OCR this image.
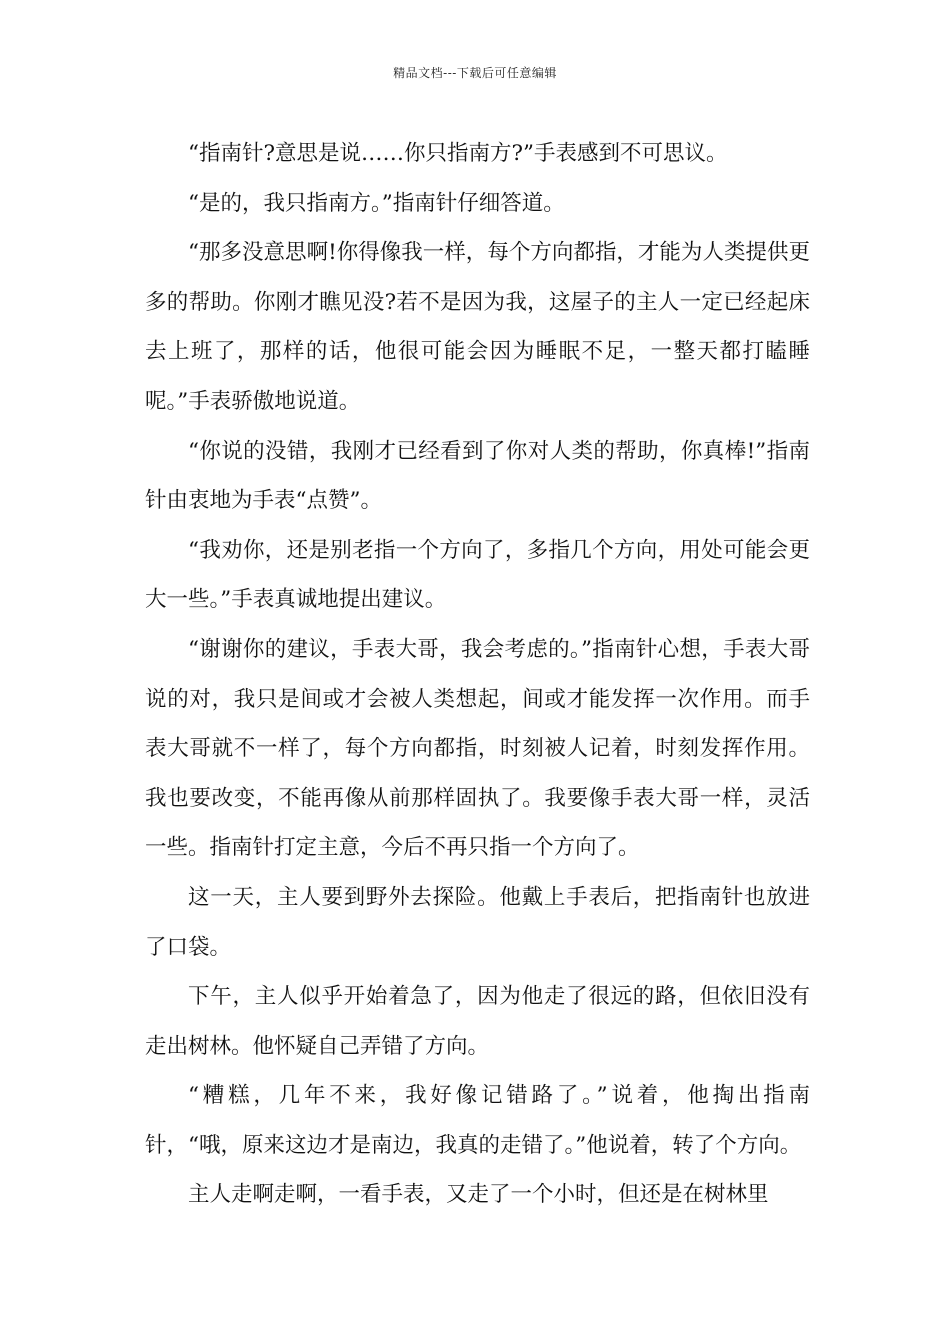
精品文档---下载后可任意编辑

“指南针?意思是说……你只指南方?”手表感到不可思议。

“是的，我只指南方。”指南针仔细答道。

“那多没意思啊!你得像我一样，每个方向都指，才能为人类提供更多的帮助。你刚才瞧见没?若不是因为我，这屋子的主人一定已经起床去上班了，那样的话，他很可能会因为睡眠不足，一整天都打瞌睡呢。”手表骄傲地说道。

“你说的没错，我刚才已经看到了你对人类的帮助，你真棒!”指南针由衷地为手表“点赞”。

“我劝你，还是别老指一个方向了，多指几个方向，用处可能会更大一些。”手表真诚地提出建议。

“谢谢你的建议，手表大哥，我会考虑的。”指南针心想，手表大哥说的对，我只是间或才会被人类想起，间或才能发挥一次作用。而手表大哥就不一样了，每个方向都指，时刻被人记着，时刻发挥作用。我也要改变，不能再像从前那样固执了。我要像手表大哥一样，灵活一些。指南针打定主意，今后不再只指一个方向了。

这一天，主人要到野外去探险。他戴上手表后，把指南针也放进了口袋。

下午，主人似乎开始着急了，因为他走了很远的路，但依旧没有走出树林。他怀疑自己弄错了方向。

“糟糕，几年不来，我好像记错路了。”说着，他掏出指南针，“哦，原来这边才是南边，我真的走错了。”他说着，转了个方向。

主人走啊走啊，一看手表，又走了一个小时，但还是在树林里
